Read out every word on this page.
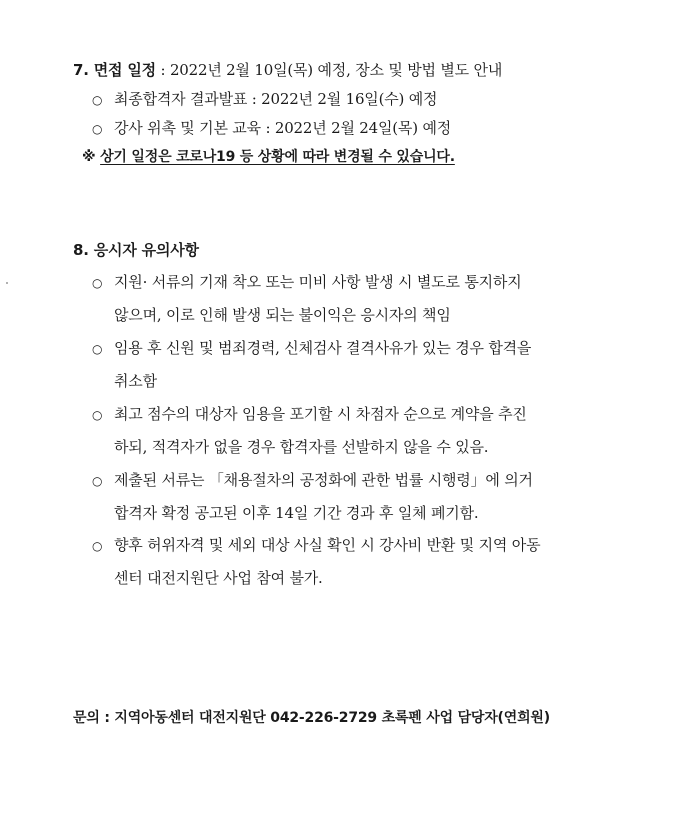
7. 면접 일정 : 2022년 2월 10일(목) 예정, 장소 및 방법 별도 안내
○ 최종합격자 결과발표 : 2022년 2월 16일(수) 예정
○ 강사 위촉 및 기본 교육 : 2022년 2월 24일(목) 예정
※ 상기 일정은 코로나19 등 상황에 따라 변경될 수 있습니다.
8. 응시자 유의사항
○ 지원· 서류의 기재 착오 또는 미비 사항 발생 시 별도로 통지하지
않으며, 이로 인해 발생 되는 불이익은 응시자의 책임
○ 임용 후 신원 및 범죄경력, 신체검사 결격사유가 있는 경우 합격을
취소함
○ 최고 점수의 대상자 임용을 포기할 시 차점자 순으로 계약을 추진
하되, 적격자가 없을 경우 합격자를 선발하지 않을 수 있음.
○ 제출된 서류는 「채용절차의 공정화에 관한 법률 시행령」에 의거
합격자 확정 공고된 이후 14일 기간 경과 후 일체 폐기함.
○ 향후 허위자격 및 세외 대상 사실 확인 시 강사비 반환 및 지역 아동
센터 대전지원단 사업 참여 불가.
문의 : 지역아동센터 대전지원단 042-226-2729 초록펜 사업 담당자(연희원)
